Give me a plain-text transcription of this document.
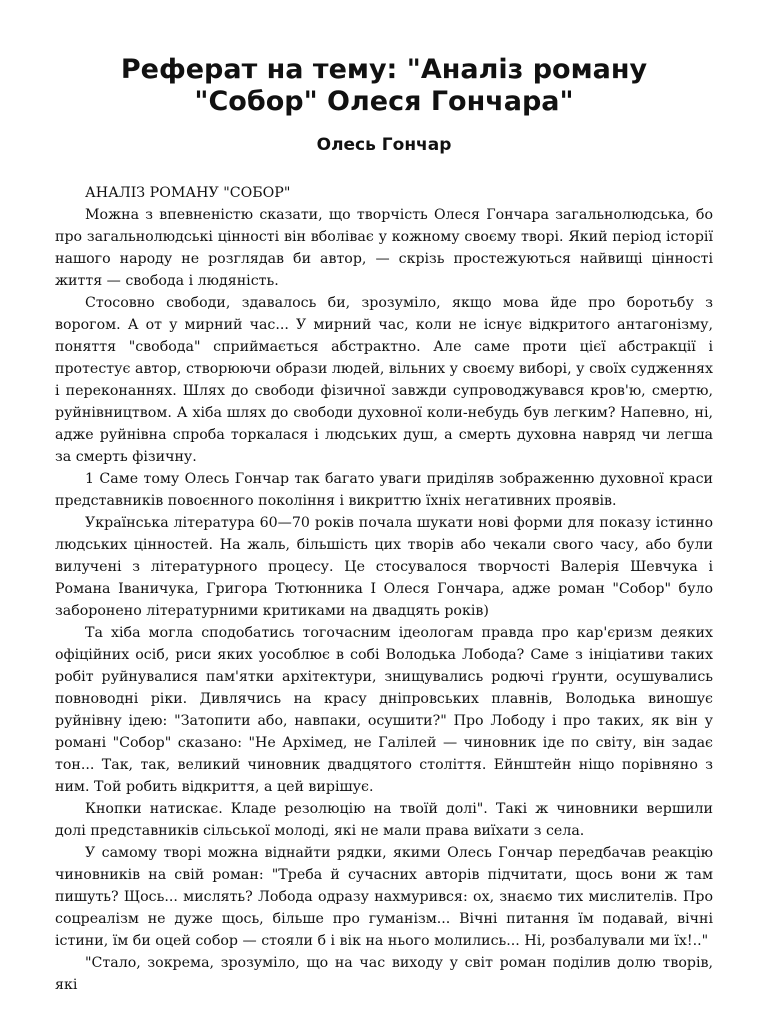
Реферат на тему: "Аналіз роману "Собор" Олеся Гончара"
Олесь Гончар

АНАЛІЗ РОМАНУ "СОБОР"

Можна з впевненістю сказати, що творчість Олеся Гончара загальнолюдська, бо про загальнолюдські цінності він вболіває у кожному своєму творі. Який період історії нашого народу не розглядав би автор, — скрізь простежуються найвищі цінності життя — свобода і людяність.

Стосовно свободи, здавалось би, зрозуміло, якщо мова йде про боротьбу з ворогом. А от у мирний час... У мирний час, коли не існує відкритого антагонізму, поняття "свобода" сприймається абстрактно. Але саме проти цієї абстракції і протестує автор, створюючи образи людей, вільних у своєму виборі, у своїх судженнях і переконаннях. Шлях до свободи фізичної завжди супроводжувався кров'ю, смертю, руйнівництвом. А хіба шлях до свободи духовної коли-небудь був легким? Напевно, ні, адже руйнівна спроба торкалася і людських душ, а смерть духовна навряд чи легша за смерть фізичну.

1 Саме тому Олесь Гончар так багато уваги приділяв зображенню духовної краси представників повоєнного покоління і викриттю їхніх негативних проявів.

Українська література 60—70 років почала шукати нові форми для показу істинно людських цінностей. На жаль, більшість цих творів або чекали свого часу, або були вилучені з літературного процесу. Це стосувалося творчості Валерія Шевчука і Романа Іваничука, Григора Тютюнника І Олеся Гончара, адже роман "Собор" було заборонено літературними критиками на двадцять років)

Та хіба могла сподобатись тогочасним ідеологам правда про кар'єризм деяких офіційних осіб, риси яких уособлює в собі Володька Лобода? Саме з ініціативи таких робіт руйнувалися пам'ятки архітектури, знищувались родючі ґрунти, осушувались повноводні ріки. Дивлячись на красу дніпровських плавнів, Володька виношує руйнівну ідею: "Затопити або, навпаки, осушити?" Про Лободу і про таких, як він у романі "Собор" сказано: "Не Архімед, не Галілей — чиновник іде по світу, він задає тон... Так, так, великий чиновник двадцятого століття. Ейнштейн ніщо порівняно з ним. Той робить відкриття, а цей вирішує.

Кнопки натискає. Кладе резолюцію на твоїй долі". Такі ж чиновники вершили долі представників сільської молоді, які не мали права виїхати з села.

У самому творі можна віднайти рядки, якими Олесь Гончар передбачав реакцію чиновників на свій роман: "Треба й сучасних авторів підчитати, щось вони ж там пишуть? Щось... мислять? Лобода одразу нахмурився: ох, знаємо тих мислителів. Про соцреалізм не дуже щось, більше про гуманізм... Вічні питання їм подавай, вічні істини, їм би оцей собор — стояли б і вік на нього молились... Ні, розбалували ми їх!.."

"Стало, зокрема, зрозуміло, що на час виходу у світ роман поділив долю творів, які
